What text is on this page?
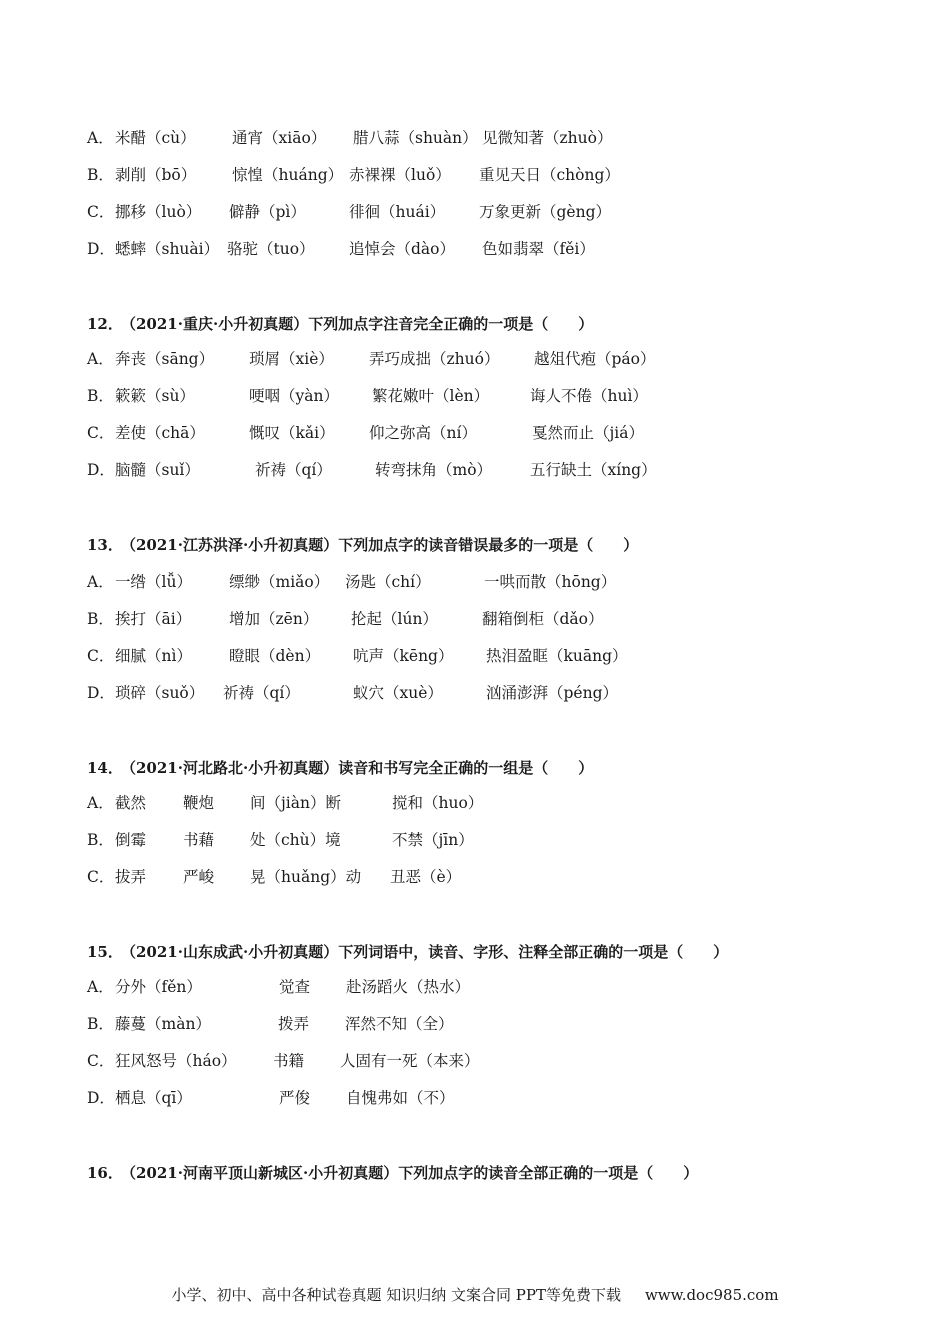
A． 米醋（cù） 通宵（xiāo） 腊八蒜（shuàn） 见微知著（zhuò）
B． 剥削（bō） 惊惶（huáng） 赤裸裸（luǒ） 重见天日（chòng）
C． 挪移（luò） 僻静（pì）	徘徊（huái） 万象更新（gèng）
D． 蟋蟀（shuài） 骆驼（tuo） 追悼会（dào） 色如翡翠（fěi）
12．（2021·重庆·小升初真题）下列加点字注音完全正确的一项是（　　）
A． 奔丧（sāng） 琐屑（xiè） 弄巧成拙（zhuó） 越俎代疱（páo）
B． 簌簌（sù）	哽咽（yàn） 繁花嫩叶（lèn）	诲人不倦（huì）
C． 差使（chā）	慨叹（kǎi） 仰之弥高（ní）	戛然而止（jiá）
D． 脑髓（suǐ）	祈祷（qí）	转弯抹角（mò） 五行缺土（xíng）
13．（2021·江苏洪泽·小升初真题）下列加点字的读音错误最多的一项是（　　）
A． 一绺（lǚ） 缥缈（miǎo） 汤匙（chí）	一哄而散（hōng）
B． 挨打（āi） 增加（zēn） 抡起（lún）	翻箱倒柜（dǎo）
C． 细腻（nì） 瞪眼（dèn） 吭声（kēng） 热泪盈眶（kuāng）
D． 琐碎（suǒ） 祈祷（qí）	蚁穴（xuè）	汹涌澎湃（péng）
14．（2021·河北路北·小升初真题）读音和书写完全正确的一组是（　　）
A． 截然 鞭炮 间（jiàn）断	搅和（huo）
B． 倒霉 书藉 处（chù）境	不禁（jīn）
C． 拔弄 严峻 晃（huǎng）动 丑恶（è）
15．（2021·山东成武·小升初真题）下列词语中，读音、字形、注释全部正确的一项是（　　）
A． 分外（fěn）	觉查 赴汤蹈火（热水）
B． 藤蔓（màn）	拨弄 浑然不知（全）
C． 狂风怒号（háo） 书籍 人固有一死（本来）
D． 栖息（qī）	严俊 自愧弗如（不）
16．（2021·河南平顶山新城区·小升初真题）下列加点字的读音全部正确的一项是（　　）
小学、初中、高中各种试卷真题 知识归纳 文案合同 PPT等免费下载 www.doc985.com
